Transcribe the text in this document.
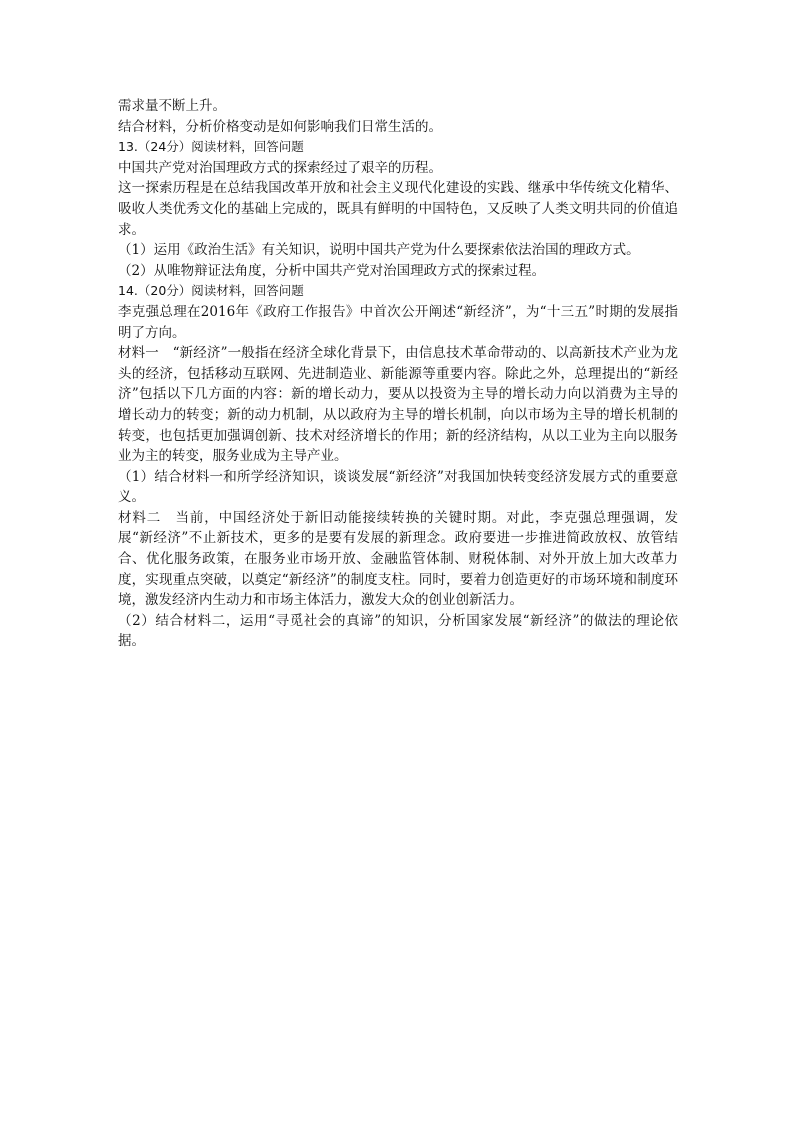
需求量不断上升。

结合材料，分析价格变动是如何影响我们日常生活的。

13.（24分）阅读材料，回答问题

中国共产党对治国理政方式的探索经过了艰辛的历程。

这一探索历程是在总结我国改革开放和社会主义现代化建设的实践、继承中华传统文化精华、吸收人类优秀文化的基础上完成的，既具有鲜明的中国特色，又反映了人类文明共同的价值追求。

（1）运用《政治生活》有关知识，说明中国共产党为什么要探索依法治国的理政方式。

（2）从唯物辩证法角度，分析中国共产党对治国理政方式的探索过程。

14.（20分）阅读材料，回答问题

李克强总理在2016年《政府工作报告》中首次公开阐述“新经济”，为“十三五”时期的发展指明了方向。

材料一　“新经济”一般指在经济全球化背景下，由信息技术革命带动的、以高新技术产业为龙头的经济，包括移动互联网、先进制造业、新能源等重要内容。除此之外，总理提出的“新经济”包括以下几方面的内容：新的增长动力，要从以投资为主导的增长动力向以消费为主导的增长动力的转变；新的动力机制，从以政府为主导的增长机制，向以市场为主导的增长机制的转变，也包括更加强调创新、技术对经济增长的作用；新的经济结构，从以工业为主向以服务业为主的转变，服务业成为主导产业。

（1）结合材料一和所学经济知识，谈谈发展“新经济”对我国加快转变经济发展方式的重要意义。

材料二　当前，中国经济处于新旧动能接续转换的关键时期。对此，李克强总理强调，发展“新经济”不止新技术，更多的是要有发展的新理念。政府要进一步推进简政放权、放管结合、优化服务政策，在服务业市场开放、金融监管体制、财税体制、对外开放上加大改革力度，实现重点突破，以奠定“新经济”的制度支柱。同时，要着力创造更好的市场环境和制度环境，激发经济内生动力和市场主体活力，激发大众的创业创新活力。

（2）结合材料二，运用“寻觅社会的真谛”的知识，分析国家发展“新经济”的做法的理论依据。
